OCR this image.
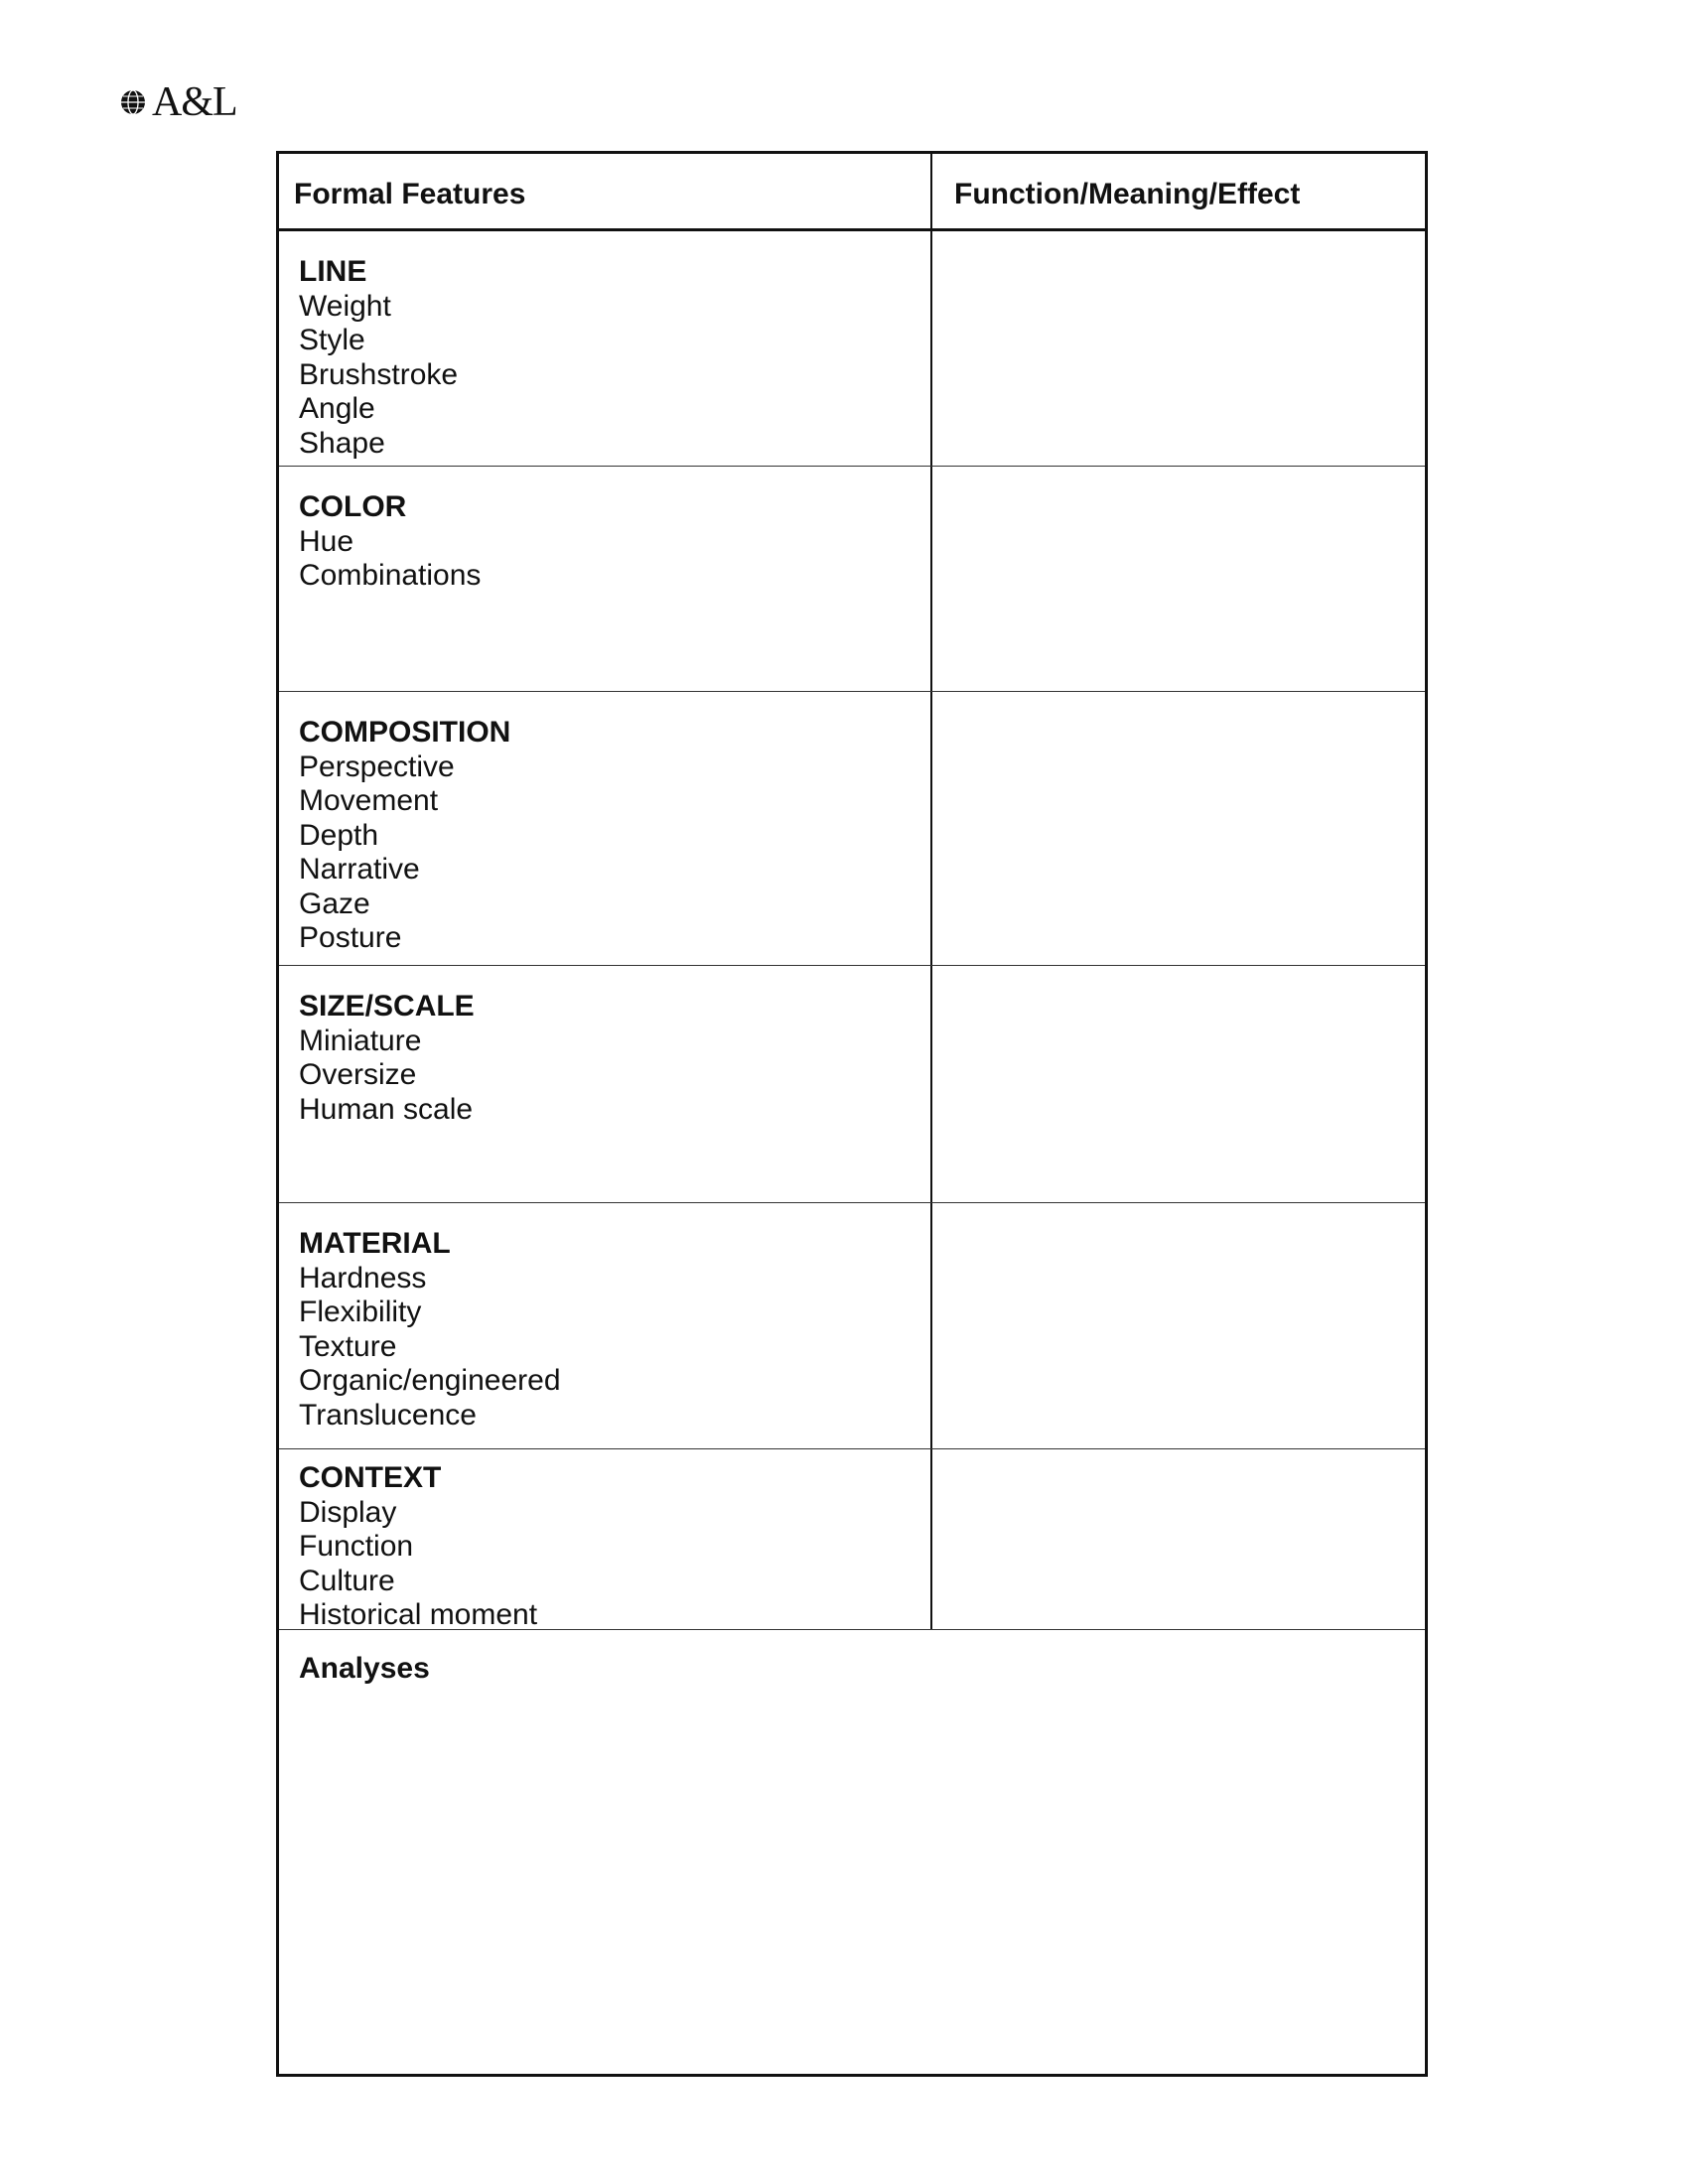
A&L
Formal Features	Function/Meaning/Effect
LINE
Weight
Style
Brushstroke
Angle
Shape
COLOR
Hue
Combinations
COMPOSITION
Perspective
Movement
Depth
Narrative
Gaze
Posture
SIZE/SCALE
Miniature
Oversize
Human scale
MATERIAL
Hardness
Flexibility
Texture
Organic/engineered
Translucence
CONTEXT
Display
Function
Culture
Historical moment
Analyses
